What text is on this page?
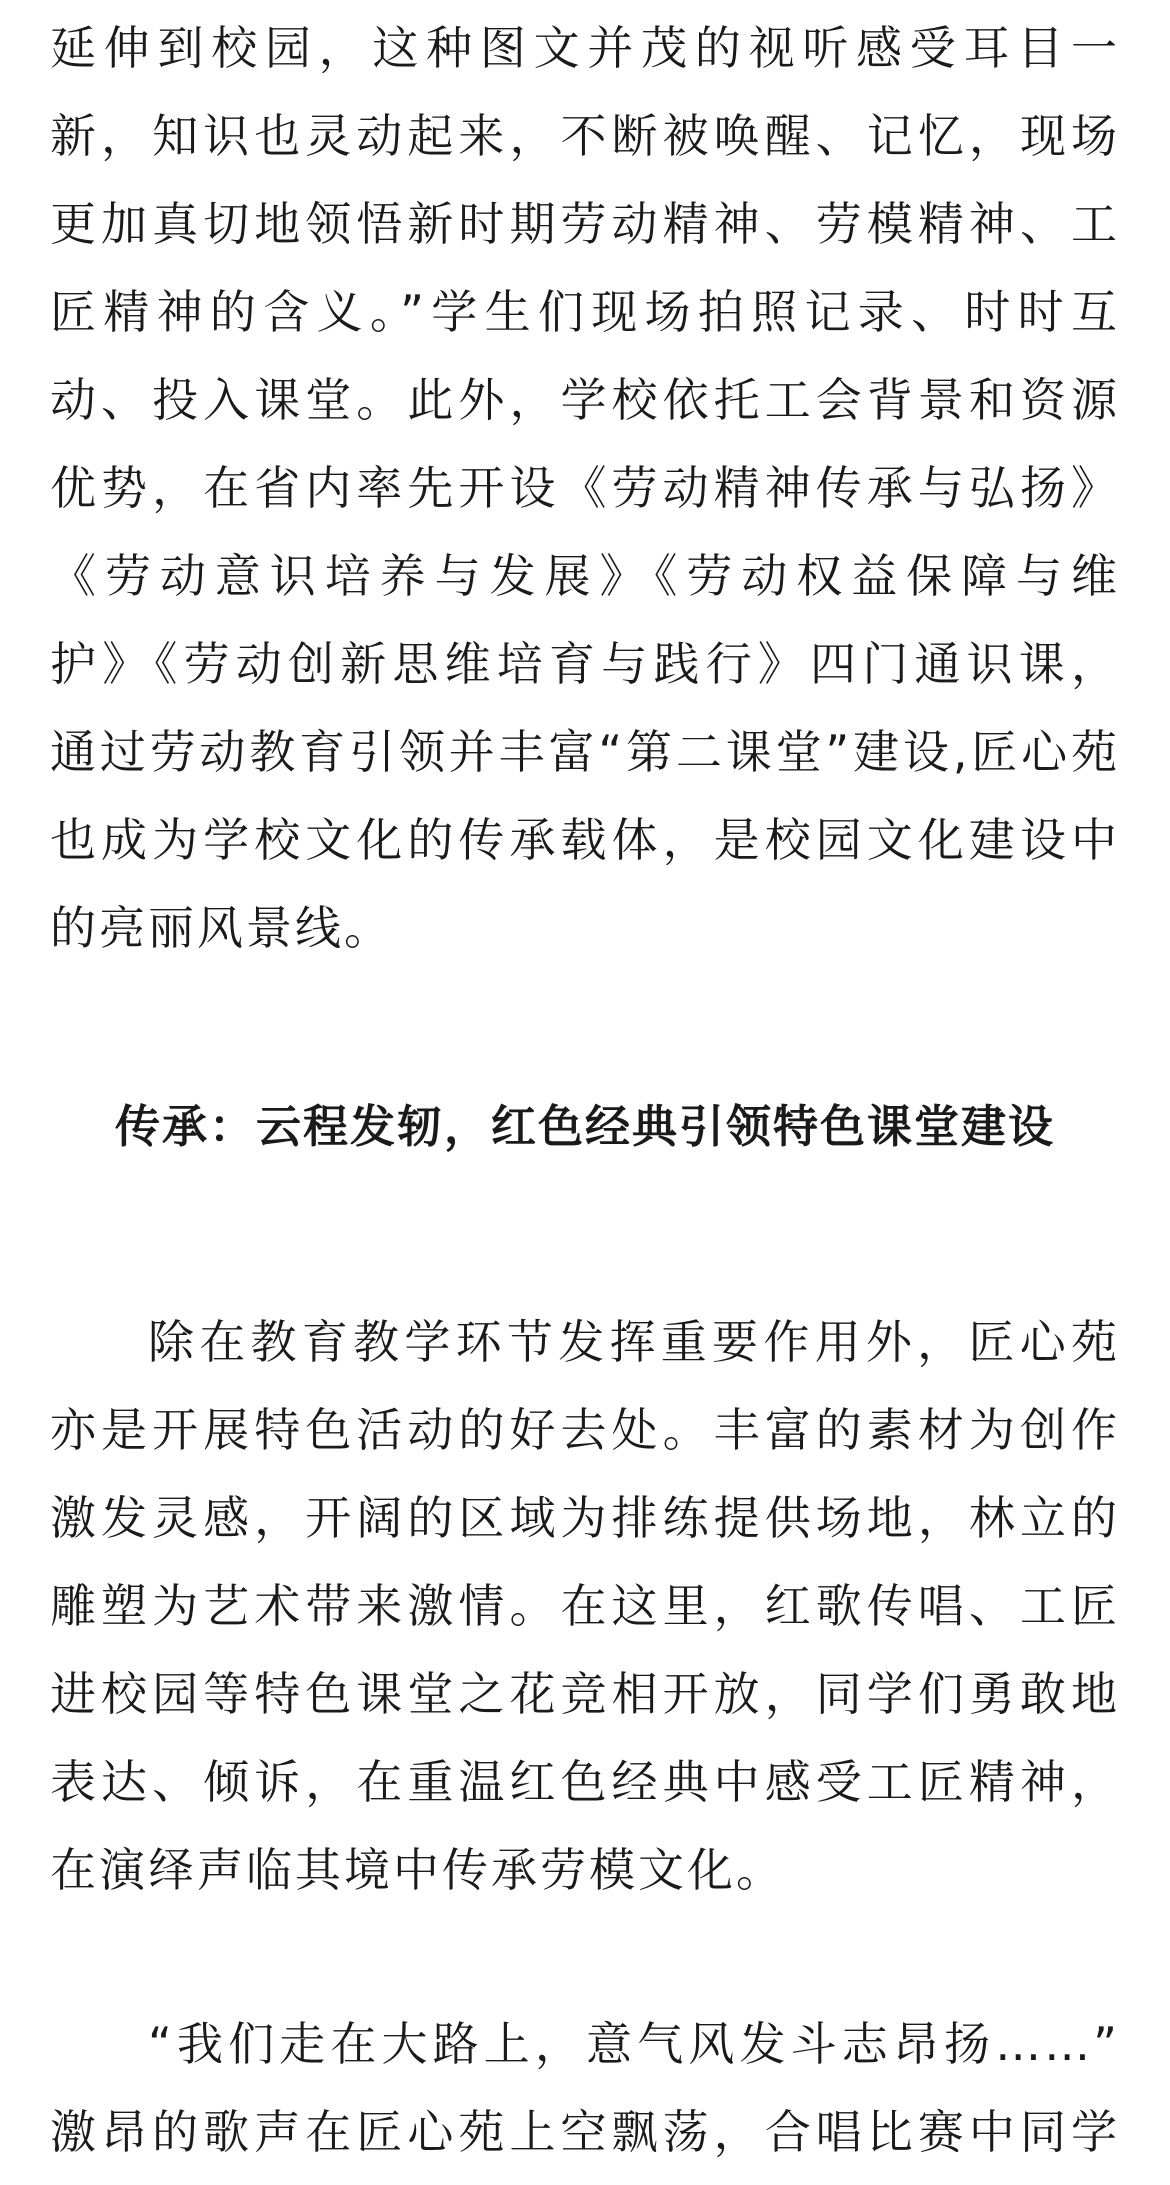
延伸到校园，这种图文并茂的视听感受耳目一
新，知识也灵动起来，不断被唤醒、记忆，现场
更加真切地领悟新时期劳动精神、劳模精神、工
匠精神的含义。”学生们现场拍照记录、时时互
动、投入课堂。此外，学校依托工会背景和资源
优势，在省内率先开设《劳动精神传承与弘扬》
《劳动意识培养与发展》《劳动权益保障与维
护》《劳动创新思维培育与践行》四门通识课，
通过劳动教育引领并丰富“第二课堂”建设,匠心苑
也成为学校文化的传承载体，是校园文化建设中
的亮丽风景线。

传承：云程发轫，红色经典引领特色课堂建设

除在教育教学环节发挥重要作用外，匠心苑
亦是开展特色活动的好去处。丰富的素材为创作
激发灵感，开阔的区域为排练提供场地，林立的
雕塑为艺术带来激情。在这里，红歌传唱、工匠
进校园等特色课堂之花竞相开放，同学们勇敢地
表达、倾诉，在重温红色经典中感受工匠精神，
在演绎声临其境中传承劳模文化。

“我们走在大路上，意气风发斗志昂扬……”
激昂的歌声在匠心苑上空飘荡，合唱比赛中同学
